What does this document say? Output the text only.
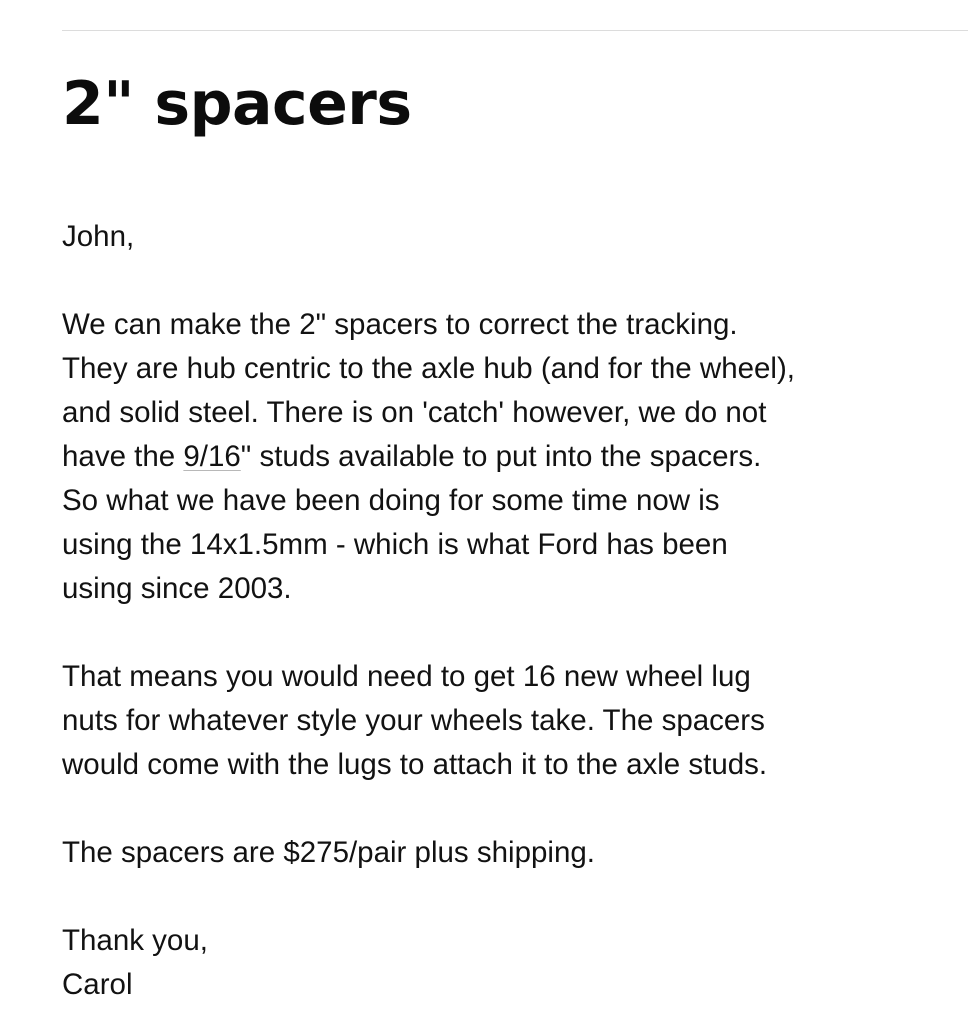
2" spacers
John,
We can make the 2" spacers to correct the tracking.
They are hub centric to the axle hub (and for the wheel),
and solid steel. There is on 'catch' however, we do not
have the 9/16" studs available to put into the spacers.
So what we have been doing for some time now is
using the 14x1.5mm - which is what Ford has been
using since 2003.
That means you would need to get 16 new wheel lug
nuts for whatever style your wheels take. The spacers
would come with the lugs to attach it to the axle studs.
The spacers are $275/pair plus shipping.
Thank you,
Carol
